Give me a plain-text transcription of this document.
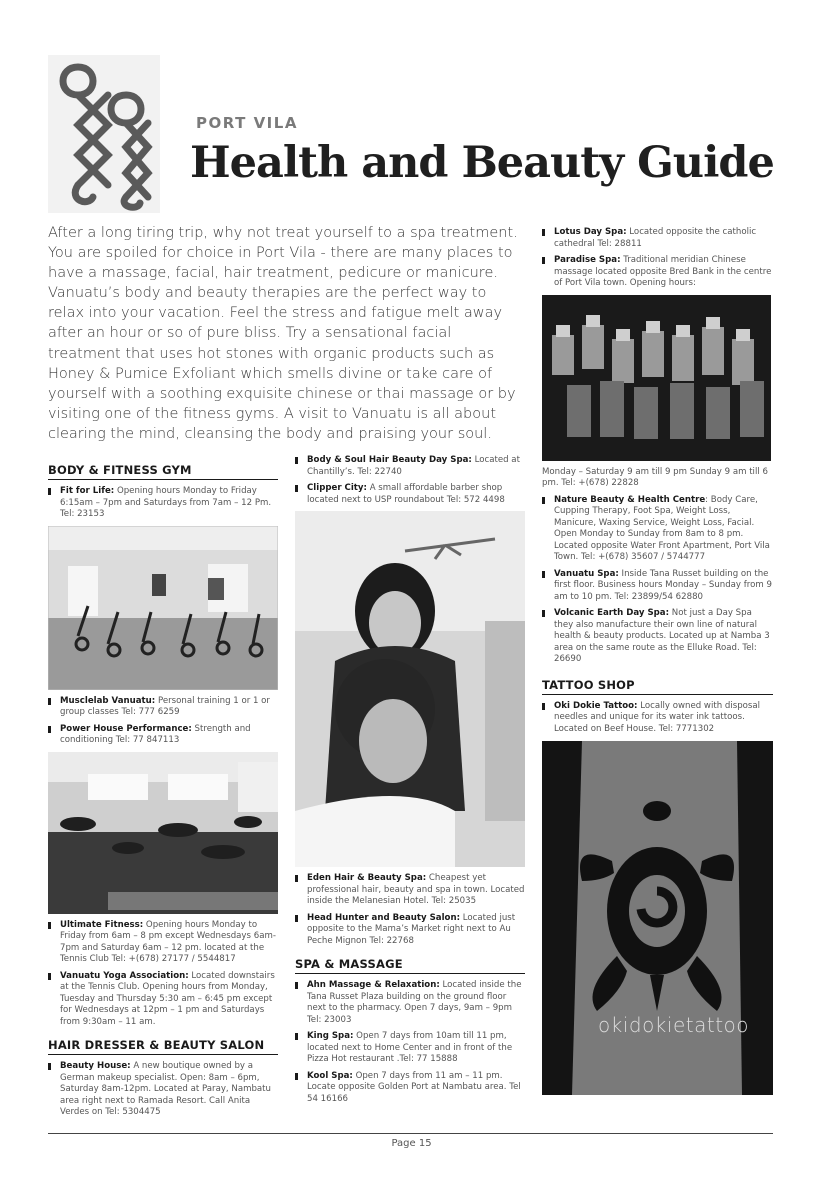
PORT VILA
Health and Beauty Guide

After a long tiring trip, why not treat yourself to a spa treatment. You are spoiled for choice in Port Vila - there are many places to have a massage, facial, hair treatment, pedicure or manicure. Vanuatu’s body and beauty therapies are the perfect way to relax into your vacation. Feel the stress and fatigue melt away after an hour or so of pure bliss. Try a sensational facial treatment that uses hot stones with organic products such as Honey & Pumice Exfoliant which smells divine or take care of yourself with a soothing exquisite chinese or thai massage or by visiting one of the fitness gyms. A visit to Vanuatu is all about clearing the mind, cleansing the body and praising your soul.

BODY & FITNESS GYM
Fit for Life: Opening hours Monday to Friday 6:15am – 7pm and Saturdays from 7am – 12 Pm. Tel: 23153
Musclelab Vanuatu: Personal training 1 or 1 or group classes Tel: 777 6259
Power House Performance: Strength and conditioning Tel: 77 847113
Ultimate Fitness: Opening hours Monday to Friday from 6am – 8 pm except Wednesdays 6am- 7pm and Saturday 6am – 12 pm. located at the Tennis Club Tel: +(678) 27177 / 5544817
Vanuatu Yoga Association: Located downstairs at the Tennis Club. Opening hours from Monday, Tuesday and Thursday 5:30 am – 6:45 pm except for Wednesdays at 12pm – 1 pm and Saturdays from 9:30am – 11 am.
HAIR DRESSER & BEAUTY SALON
Beauty House: A new boutique owned by a German makeup specialist. Open: 8am – 6pm, Saturday 8am-12pm. Located at Paray, Nambatu area right next to Ramada Resort. Call Anita Verdes on Tel: 5304475
Body & Soul Hair Beauty Day Spa: Located at Chantilly’s. Tel: 22740
Clipper City: A small affordable barber shop located next to USP roundabout Tel: 572 4498
Eden Hair & Beauty Spa: Cheapest yet professional hair, beauty and spa in town. Located inside the Melanesian Hotel. Tel: 25035
Head Hunter and Beauty Salon: Located just opposite to the Mama’s Market right next to Au Peche Mignon Tel: 22768
SPA & MASSAGE
Ahn Massage & Relaxation: Located inside the Tana Russet Plaza building on the ground floor next to the pharmacy. Open 7 days, 9am – 9pm Tel: 23003
King Spa: Open 7 days from 10am till 11 pm, located next to Home Center and in front of the Pizza Hot restaurant .Tel: 77 15888
Kool Spa: Open 7 days from 11 am – 11 pm. Locate opposite Golden Port at Nambatu area. Tel 54 16166
Lotus Day Spa: Located opposite the catholic cathedral Tel: 28811
Paradise Spa: Traditional meridian Chinese massage located opposite Bred Bank in the centre of Port Vila town. Opening hours:
Monday – Saturday 9 am till 9 pm Sunday 9 am till 6 pm. Tel: +(678) 22828
Nature Beauty & Health Centre: Body Care, Cupping Therapy, Foot Spa, Weight Loss, Manicure, Waxing Service, Weight Loss, Facial. Open Monday to Sunday from 8am to 8 pm. Located opposite Water Front Apartment, Port Vila Town. Tel: +(678) 35607 / 5744777
Vanuatu Spa: Inside Tana Russet building on the first floor. Business hours Monday – Sunday from 9 am to 10 pm. Tel: 23899/54 62880
Volcanic Earth Day Spa: Not just a Day Spa they also manufacture their own line of natural health & beauty products. Located up at Namba 3 area on the same route as the Elluke Road. Tel: 26690
TATTOO SHOP
Oki Dokie Tattoo: Locally owned with disposal needles and unique for its water ink tattoos. Located on Beef House. Tel: 7771302
okidokietattoo
Page 15
